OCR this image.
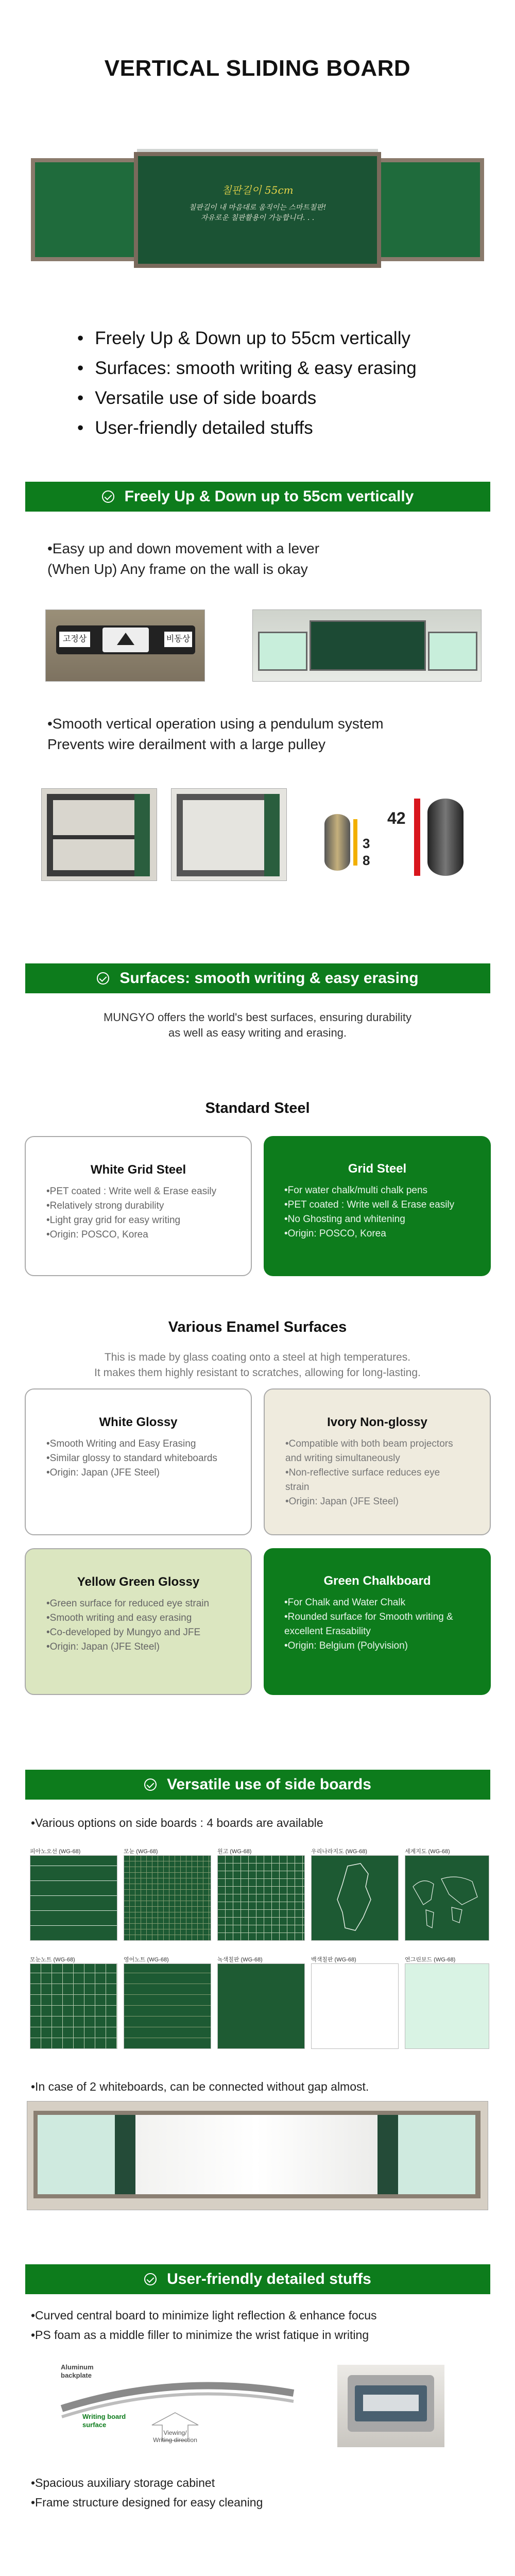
VERTICAL SLIDING BOARD
칠판길이 55cm
칠판길이 내 마음대로 움직이는 스마트칠판!
자유로운 칠판활용이 가능합니다. . .
• Freely Up & Down up to 55cm vertically
• Surfaces: smooth writing & easy erasing
• Versatile use of side boards
• User-friendly detailed stuffs
Freely Up & Down up to 55cm vertically
•Easy up and down movement with a lever
(When Up) Any frame on the wall is okay
고정상	비동상
•Smooth vertical operation using a pendulum system
Prevents wire derailment with a large pulley
3
8
42
Surfaces: smooth writing & easy erasing
MUNGYO offers the world's best surfaces, ensuring durability
as well as easy writing and erasing.
Standard Steel
White Grid Steel
•PET coated : Write well & Erase easily
•Relatively strong durability
•Light gray grid for easy writing
•Origin: POSCO, Korea
Grid Steel
•For water chalk/multi chalk pens
•PET coated : Write well & Erase easily
•No Ghosting and whitening
•Origin: POSCO, Korea
Various Enamel Surfaces
This is made by glass coating onto a steel at high temperatures.
It makes them highly resistant to scratches, allowing for long-lasting.
White Glossy
•Smooth Writing and Easy Erasing
•Similar glossy to standard whiteboards
•Origin: Japan (JFE Steel)
Ivory Non-glossy
•Compatible with both beam projectors
and writing simultaneously
•Non-reflective surface reduces eye
strain
•Origin: Japan (JFE Steel)
Yellow Green Glossy
•Green surface for reduced eye strain
•Smooth writing and easy erasing
•Co-developed by Mungyo and JFE
•Origin: Japan (JFE Steel)
Green Chalkboard
•For Chalk and Water Chalk
•Rounded surface for Smooth writing &
excellent Erasability
•Origin: Belgium (Polyvision)
Versatile use of side boards
•Various options on side boards : 4 boards are available
피아노오선 (WG-68)	모눈 (WG-68)	원고 (WG-68)	우리나라지도 (WG-68)	세계지도 (WG-68)
모눈노트 (WG-68)	영어노트 (WG-68)	녹색칠판 (WG-68)	백색칠판 (WG-68)	연그린보드 (WG-68)
•In case of 2 whiteboards, can be connected without gap almost.
User-friendly detailed stuffs
•Curved central board to minimize light reflection & enhance focus
•PS foam as a middle filler to minimize the wrist fatique in writing
Aluminum
backplate
Writing board
surface
Viewing/
Writing direction
•Spacious auxiliary storage cabinet
•Frame structure designed for easy cleaning
